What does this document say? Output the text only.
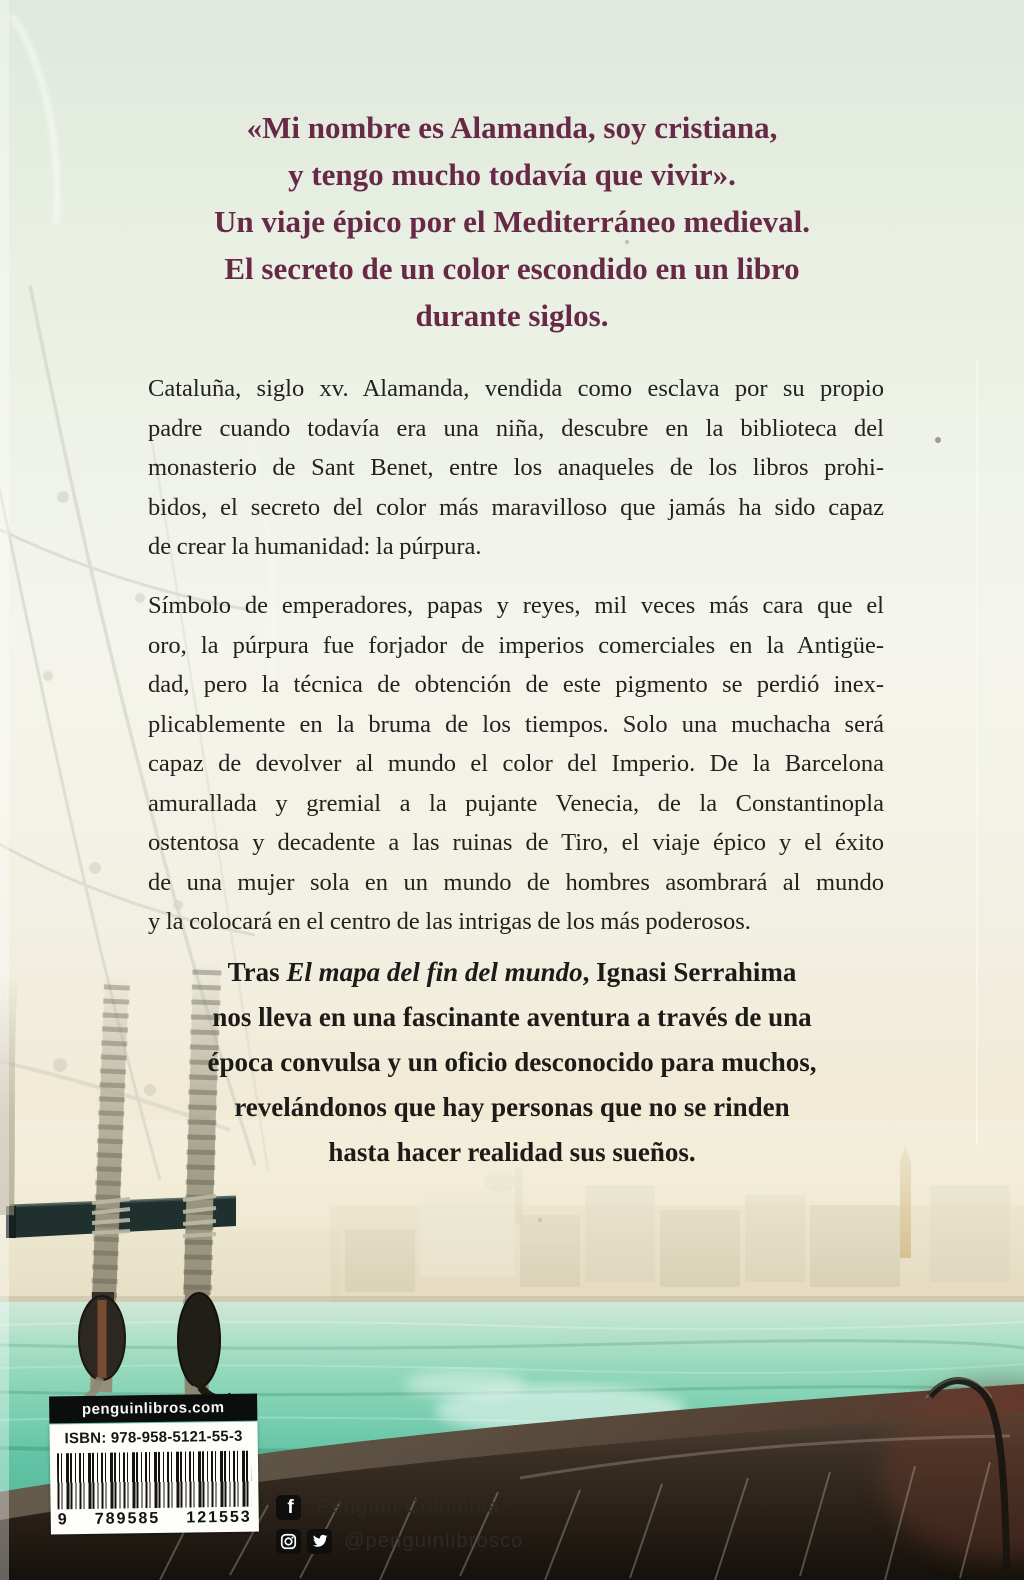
«Mi nombre es Alamanda, soy cristiana,
y tengo mucho todavía que vivir».
Un viaje épico por el Mediterráneo medieval.
El secreto de un color escondido en un libro
durante siglos.
Cataluña, siglo xv. Alamanda, vendida como esclava por su propio
padre cuando todavía era una niña, descubre en la biblioteca del
monasterio de Sant Benet, entre los anaqueles de los libros prohi-
bidos, el secreto del color más maravilloso que jamás ha sido capaz
de crear la humanidad: la púrpura.
Símbolo de emperadores, papas y reyes, mil veces más cara que el
oro, la púrpura fue forjador de imperios comerciales en la Antigüe-
dad, pero la técnica de obtención de este pigmento se perdió inex-
plicablemente en la bruma de los tiempos. Solo una muchacha será
capaz de devolver al mundo el color del Imperio. De la Barcelona
amurallada y gremial a la pujante Venecia, de la Constantinopla
ostentosa y decadente a las ruinas de Tiro, el viaje épico y el éxito
de una mujer sola en un mundo de hombres asombrará al mundo
y la colocará en el centro de las intrigas de los más poderosos.
Tras El mapa del fin del mundo, Ignasi Serrahima
nos lleva en una fascinante aventura a través de una
época convulsa y un oficio desconocido para muchos,
revelándonos que hay personas que no se rinden
hasta hacer realidad sus sueños.
penguinlibros.com
ISBN: 978-958-5121-55-3
9 789585 121553
f Penguin Colombia
@penguinlibrosco
